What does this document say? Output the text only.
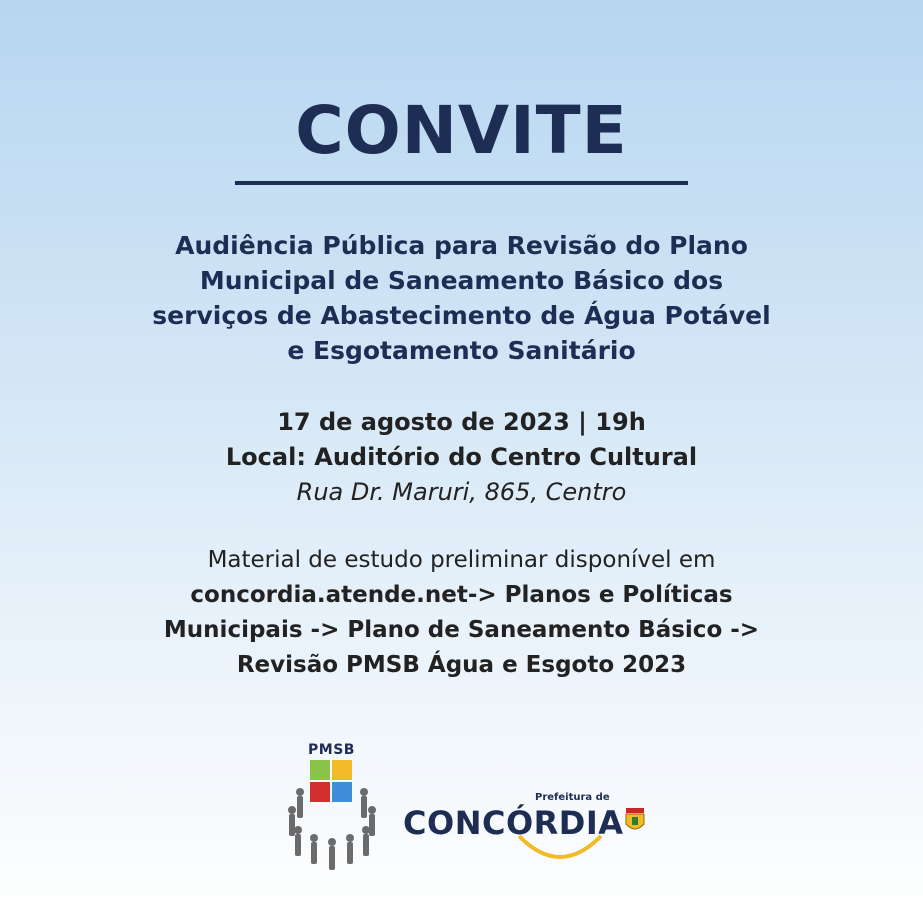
CONVITE
Audiência Pública para Revisão do Plano
Municipal de Saneamento Básico dos
serviços de Abastecimento de Água Potável
e Esgotamento Sanitário
17 de agosto de 2023 | 19h
Local: Auditório do Centro Cultural
Rua Dr. Maruri, 865, Centro
Material de estudo preliminar disponível em
concordia.atende.net-> Planos e Políticas
Municipais -> Plano de Saneamento Básico ->
Revisão PMSB Água e Esgoto 2023
PMSB
Prefeitura de
CONCÓRDIA
